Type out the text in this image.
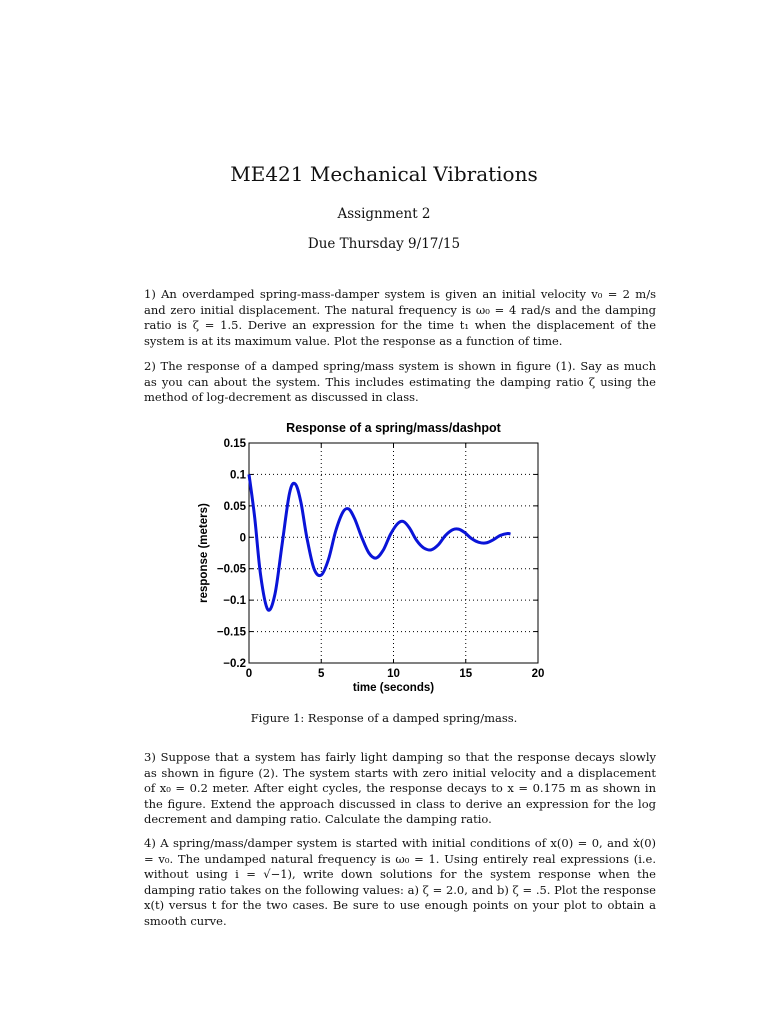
ME421 Mechanical Vibrations
Assignment 2
Due Thursday 9/17/15

1) An overdamped spring-mass-damper system is given an initial velocity v₀ = 2 m/s and zero initial displacement. The natural frequency is ω₀ = 4 rad/s and the damping ratio is ζ = 1.5. Derive an expression for the time t₁ when the displacement of the system is at its maximum value. Plot the response as a function of time.

2) The response of a damped spring/mass system is shown in figure (1). Say as much as you can about the system. This includes estimating the damping ratio ζ using the method of log-decrement as discussed in class.

0	5	10	15	20
0.15
0.1
0.05
0
−0.05
−0.1
−0.15
−0.2
Response of a spring/mass/dashpot
time (seconds)
response (meters)
Figure 1: Response of a damped spring/mass.

3) Suppose that a system has fairly light damping so that the response decays slowly as shown in figure (2). The system starts with zero initial velocity and a displacement of x₀ = 0.2 meter. After eight cycles, the response decays to x = 0.175 m as shown in the figure. Extend the approach discussed in class to derive an expression for the log decrement and damping ratio. Calculate the damping ratio.

4) A spring/mass/damper system is started with initial conditions of x(0) = 0, and ẋ(0) = v₀. The undamped natural frequency is ω₀ = 1. Using entirely real expressions (i.e. without using i = √−1), write down solutions for the system response when the damping ratio takes on the following values: a) ζ = 2.0, and b) ζ = .5. Plot the response x(t) versus t for the two cases. Be sure to use enough points on your plot to obtain a smooth curve.
